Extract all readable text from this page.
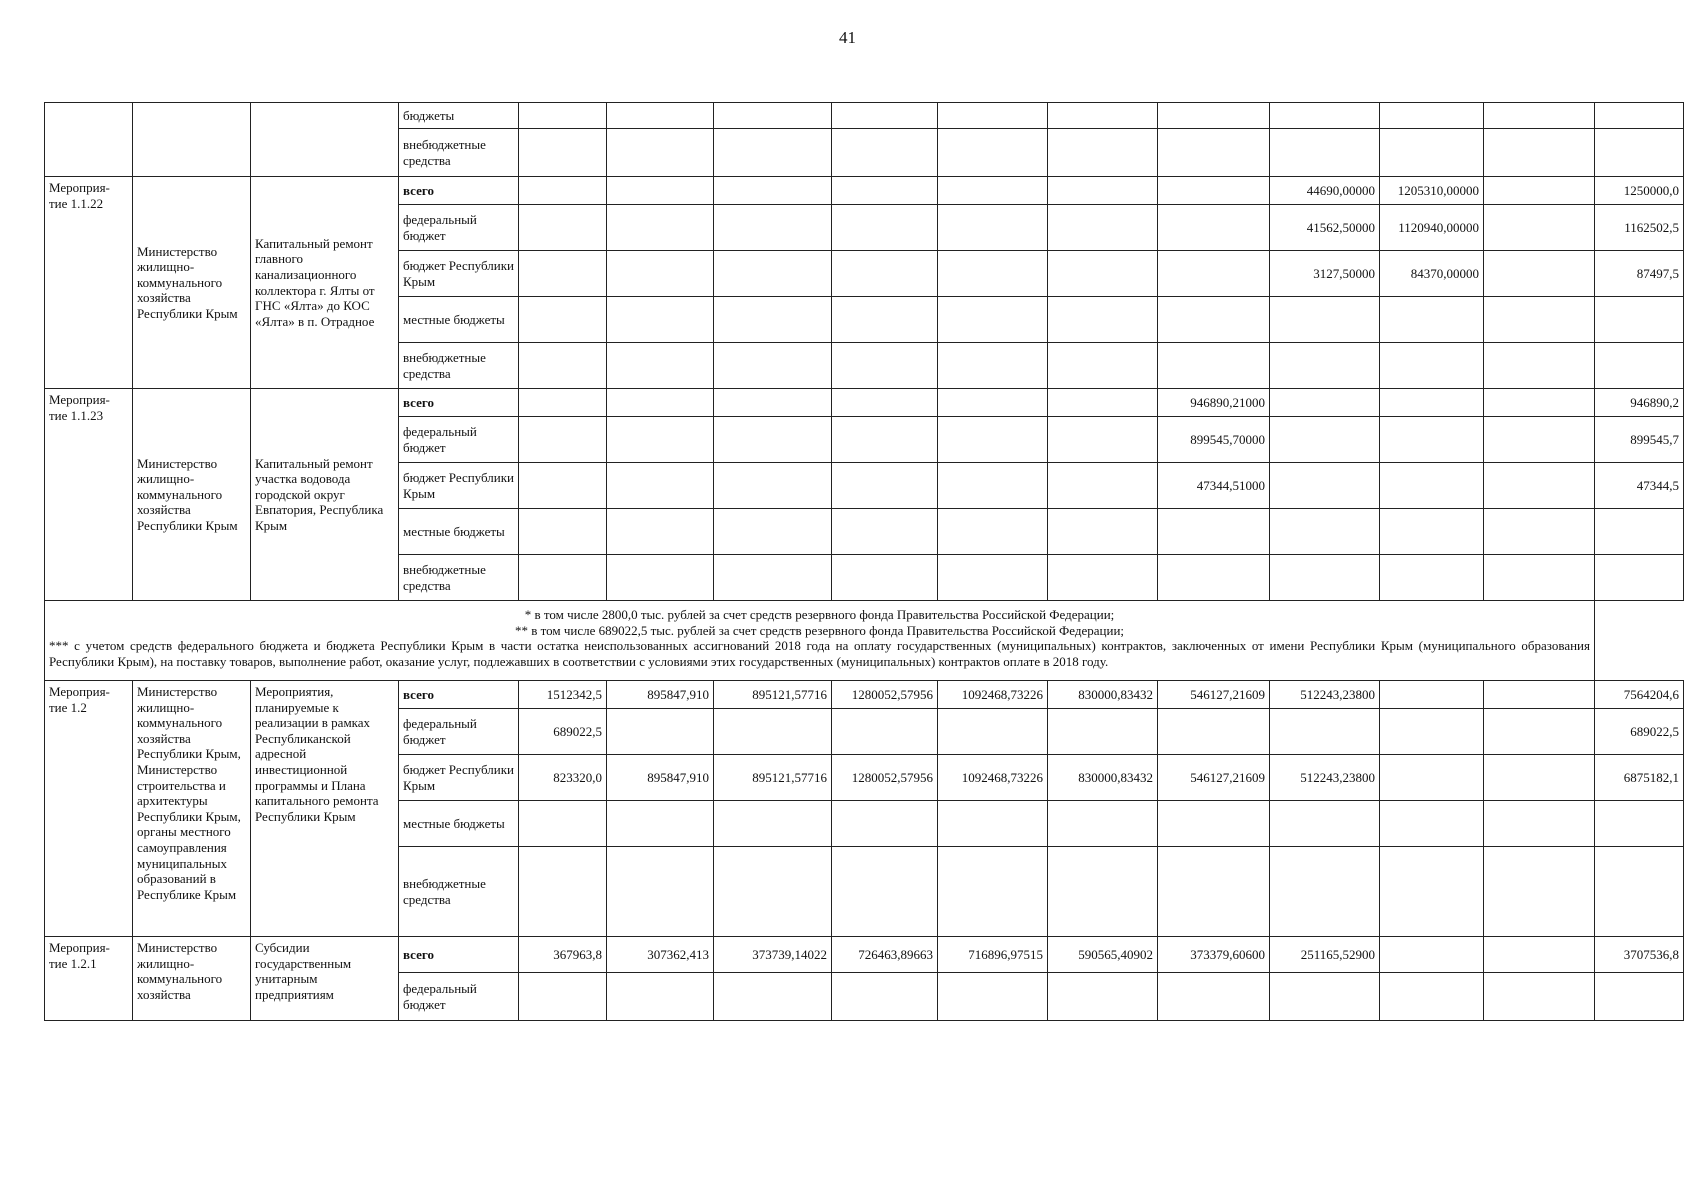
41
			бюджеты											
			внебюджетные средства											
Мероприя-тие 1.1.22	Министерство жилищно-коммунального хозяйства Республики Крым	Капитальный ремонт главного канализационного коллектора г. Ялты от ГНС «Ялта» до КОС «Ялта» в п. Отрадное	всего								44690,00000	1205310,00000		1250000,0
			федеральный бюджет								41562,50000	1120940,00000		1162502,5
			бюджет Республики Крым								3127,50000	84370,00000		87497,5
			местные бюджеты											
			внебюджетные средства											
Мероприя-тие 1.1.23	Министерство жилищно-коммунального хозяйства Республики Крым	Капитальный ремонт участка водовода городской округ Евпатория, Республика Крым	всего							946890,21000				946890,2
			федеральный бюджет							899545,70000				899545,7
			бюджет Республики Крым							47344,51000				47344,5
			местные бюджеты											
			внебюджетные средства											

* в том числе 2800,0 тыс. рублей за счет средств резервного фонда Правительства Российской Федерации;
** в том числе 689022,5 тыс. рублей за счет средств резервного фонда Правительства Российской Федерации;
*** с учетом средств федерального бюджета и бюджета Республики Крым в части остатка неиспользованных ассигнований 2018 года на оплату государственных (муниципальных) контрактов, заключенных от имени Республики Крым (муниципального образования Республики Крым), на поставку товаров, выполнение работ, оказание услуг, подлежавших в соответствии с условиями этих государственных (муниципальных) контрактов оплате в 2018 году.														

Мероприя-тие 1.2	Министерство жилищно-коммунального хозяйства Республики Крым, Министерство строительства и архитектуры Республики Крым, органы местного самоуправления муниципальных образований в Республике Крым	Мероприятия, планируемые к реализации в рамках Республиканской адресной инвестиционной программы и Плана капитального ремонта Республики Крым	всего	1512342,5	895847,910	895121,57716	1280052,57956	1092468,73226	830000,83432	546127,21609	512243,23800			7564204,6
			федеральный бюджет	689022,5										689022,5
			бюджет Республики Крым	823320,0	895847,910	895121,57716	1280052,57956	1092468,73226	830000,83432	546127,21609	512243,23800			6875182,1
			местные бюджеты											
			внебюджетные средства											
Мероприя-тие 1.2.1	Министерство жилищно-коммунального хозяйства	Субсидии государственным унитарным предприятиям	всего	367963,8	307362,413	373739,14022	726463,89663	716896,97515	590565,40902	373379,60600	251165,52900			3707536,8
			федеральный бюджет											
